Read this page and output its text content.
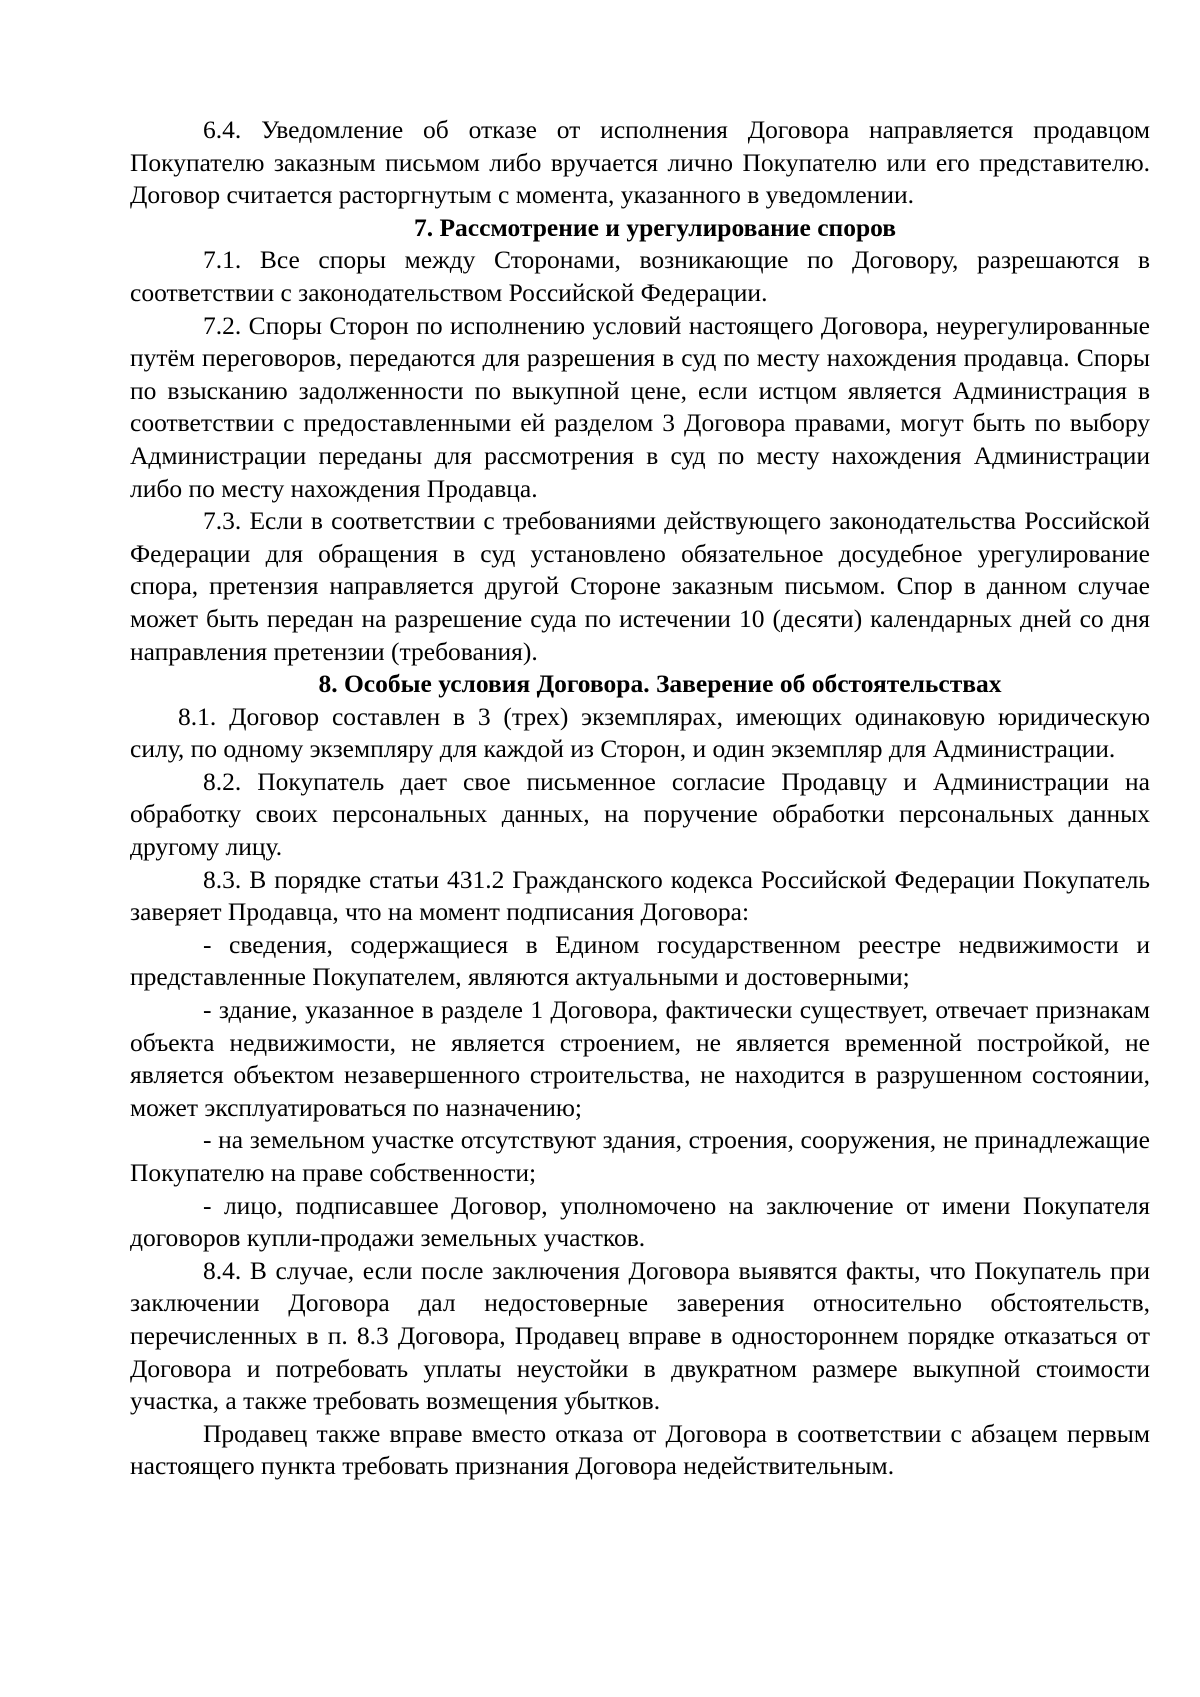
6.4. Уведомление об отказе от исполнения Договора направляется продавцом Покупателю заказным письмом либо вручается лично Покупателю или его представителю. Договор считается расторгнутым с момента, указанного в уведомлении.

7. Рассмотрение и урегулирование споров

7.1. Все споры между Сторонами, возникающие по Договору, разрешаются в соответствии с законодательством Российской Федерации.

7.2. Споры Сторон по исполнению условий настоящего Договора, неурегулированные путём переговоров, передаются для разрешения в суд по месту нахождения продавца. Споры по взысканию задолженности по выкупной цене, если истцом является Администрация в соответствии с предоставленными ей разделом 3 Договора правами, могут быть по выбору Администрации переданы для рассмотрения в суд по месту нахождения Администрации либо по месту нахождения Продавца.

7.3. Если в соответствии с требованиями действующего законодательства Российской Федерации для обращения в суд установлено обязательное досудебное урегулирование спора, претензия направляется другой Стороне заказным письмом. Спор в данном случае может быть передан на разрешение суда по истечении 10 (десяти) календарных дней со дня направления претензии (требования).

8. Особые условия Договора. Заверение об обстоятельствах

8.1. Договор составлен в 3 (трех) экземплярах, имеющих одинаковую юридическую силу, по одному экземпляру для каждой из Сторон, и один экземпляр для Администрации.

8.2. Покупатель дает свое письменное согласие Продавцу и Администрации на обработку своих персональных данных, на поручение обработки персональных данных другому лицу.

8.3. В порядке статьи 431.2 Гражданского кодекса Российской Федерации Покупатель заверяет Продавца, что на момент подписания Договора:

- сведения, содержащиеся в Едином государственном реестре недвижимости и представленные Покупателем, являются актуальными и достоверными;

- здание, указанное в разделе 1 Договора, фактически существует, отвечает признакам объекта недвижимости, не является строением, не является временной постройкой, не является объектом незавершенного строительства, не находится в разрушенном состоянии, может эксплуатироваться по назначению;

- на земельном участке отсутствуют здания, строения, сооружения, не принадлежащие Покупателю на праве собственности;

- лицо, подписавшее Договор, уполномочено на заключение от имени Покупателя договоров купли-продажи земельных участков.

8.4. В случае, если после заключения Договора выявятся факты, что Покупатель при заключении Договора дал недостоверные заверения относительно обстоятельств, перечисленных в п. 8.3 Договора, Продавец вправе в одностороннем порядке отказаться от Договора и потребовать уплаты неустойки в двукратном размере выкупной стоимости участка, а также требовать возмещения убытков.

Продавец также вправе вместо отказа от Договора в соответствии с абзацем первым настоящего пункта требовать признания Договора недействительным.
